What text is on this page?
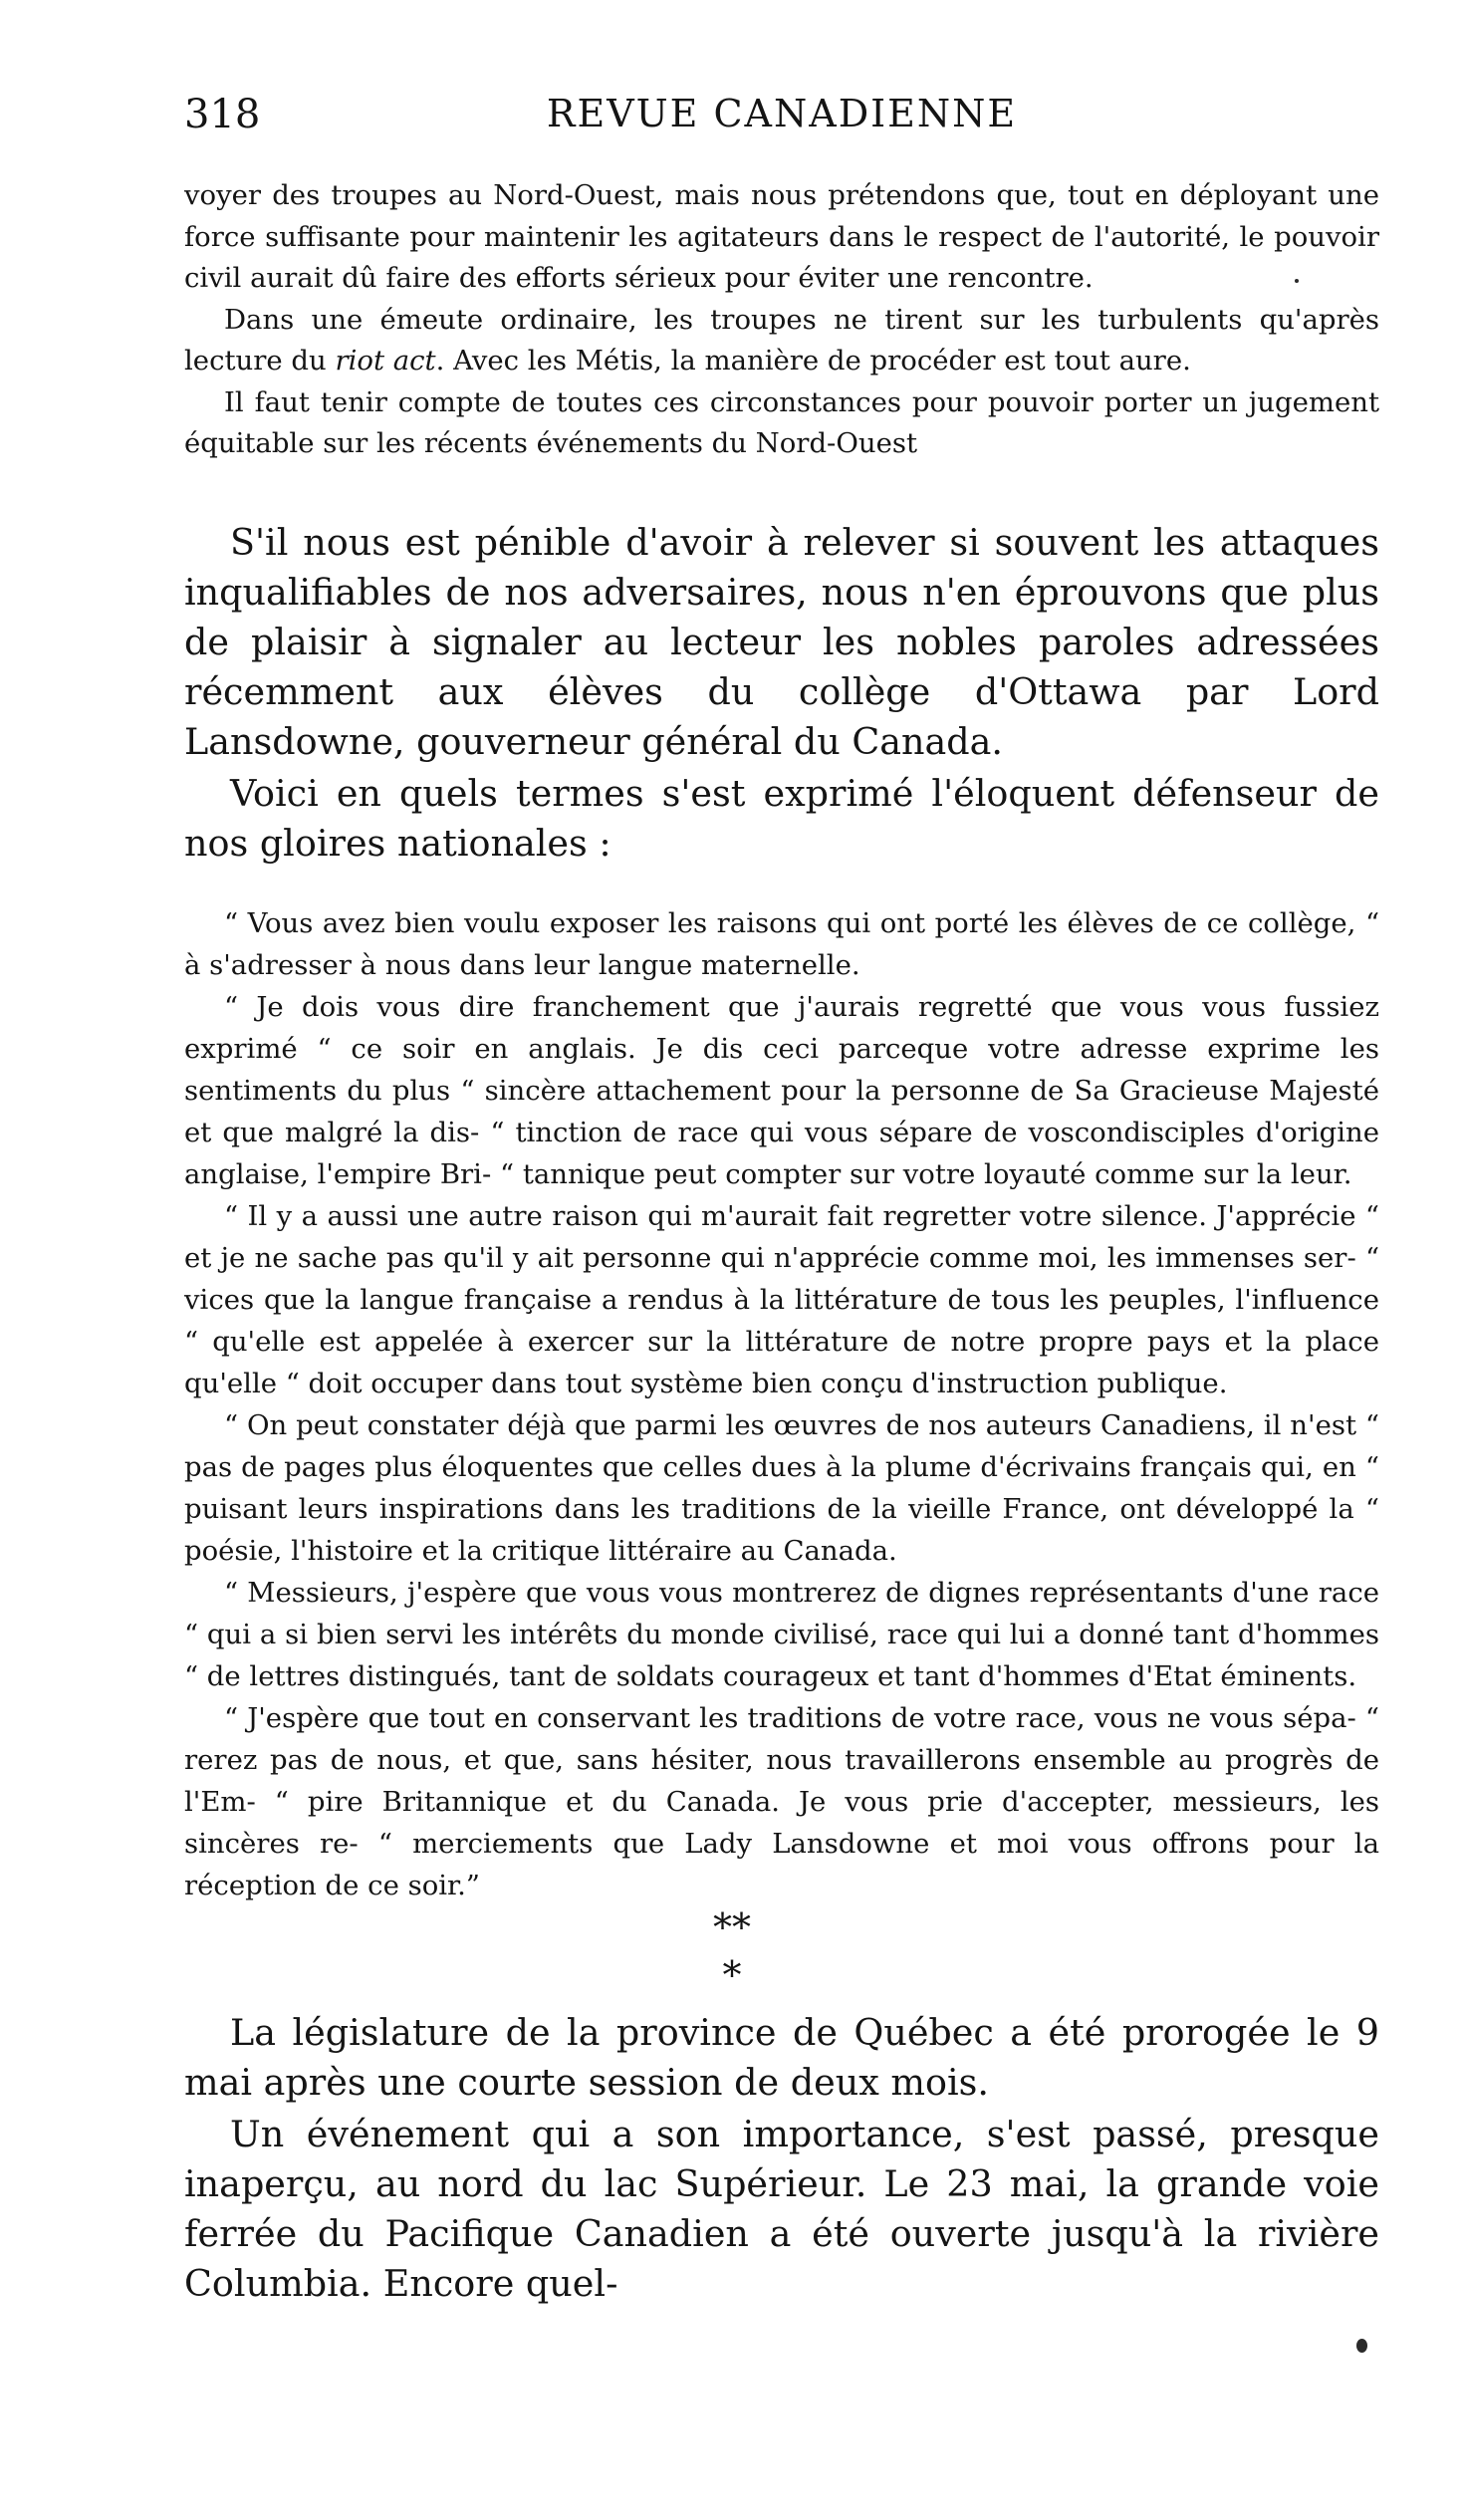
318	REVUE CANADIENNE

voyer des troupes au Nord-Ouest, mais nous prétendons que, tout en déployant une force suffisante pour maintenir les agitateurs dans le respect de l'autorité, le pouvoir civil aurait dû faire des efforts sérieux pour éviter une rencontre.

Dans une émeute ordinaire, les troupes ne tirent sur les turbulents qu'après lecture du riot act. Avec les Métis, la manière de procéder est tout aure.

Il faut tenir compte de toutes ces circonstances pour pouvoir porter un jugement équitable sur les récents événements du Nord-Ouest

S'il nous est pénible d'avoir à relever si souvent les attaques inqualifiables de nos adversaires, nous n'en éprouvons que plus de plaisir à signaler au lecteur les nobles paroles adressées récemment aux élèves du collège d'Ottawa par Lord Lansdowne, gouverneur général du Canada.

Voici en quels termes s'est exprimé l'éloquent défenseur de nos gloires nationales :

“ Vous avez bien voulu exposer les raisons qui ont porté les élèves de ce collège, “ à s'adresser à nous dans leur langue maternelle.

“ Je dois vous dire franchement que j'aurais regretté que vous vous fussiez exprimé “ ce soir en anglais. Je dis ceci parceque votre adresse exprime les sentiments du plus “ sincère attachement pour la personne de Sa Gracieuse Majesté et que malgré la dis- “ tinction de race qui vous sépare de voscondisciples d'origine anglaise, l'empire Bri- “ tannique peut compter sur votre loyauté comme sur la leur.

“ Il y a aussi une autre raison qui m'aurait fait regretter votre silence. J'apprécie “ et je ne sache pas qu'il y ait personne qui n'apprécie comme moi, les immenses ser- “ vices que la langue française a rendus à la littérature de tous les peuples, l'influence “ qu'elle est appelée à exercer sur la littérature de notre propre pays et la place qu'elle “ doit occuper dans tout système bien conçu d'instruction publique.

“ On peut constater déjà que parmi les œuvres de nos auteurs Canadiens, il n'est “ pas de pages plus éloquentes que celles dues à la plume d'écrivains français qui, en “ puisant leurs inspirations dans les traditions de la vieille France, ont développé la “ poésie, l'histoire et la critique littéraire au Canada.

“ Messieurs, j'espère que vous vous montrerez de dignes représentants d'une race “ qui a si bien servi les intérêts du monde civilisé, race qui lui a donné tant d'hommes “ de lettres distingués, tant de soldats courageux et tant d'hommes d'Etat éminents.

“ J'espère que tout en conservant les traditions de votre race, vous ne vous sépa- “ rerez pas de nous, et que, sans hésiter, nous travaillerons ensemble au progrès de l'Em- “ pire Britannique et du Canada. Je vous prie d'accepter, messieurs, les sincères re- “ merciements que Lady Lansdowne et moi vous offrons pour la réception de ce soir.”

**
*

La législature de la province de Québec a été prorogée le 9 mai après une courte session de deux mois.

Un événement qui a son importance, s'est passé, presque inaperçu, au nord du lac Supérieur. Le 23 mai, la grande voie ferrée du Pacifique Canadien a été ouverte jusqu'à la rivière Columbia. Encore quel-
